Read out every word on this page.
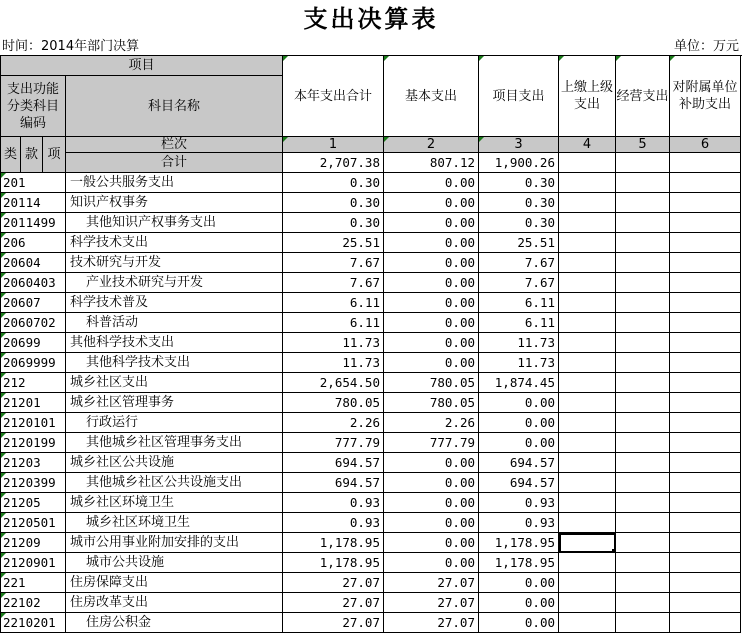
支出决算表
时间：2014年部门决算	单位：万元
项目				本年支出合计	基本支出	项目支出	上缴上级支出	经营支出	对附属单位补助支出
支出功能分类科目编码			科目名称						
类	款	项	栏次	1	2	3	4	5	6
			合计	2,707.38	807.12	1,900.26			
201			一般公共服务支出	0.30	0.00	0.30			
20114			知识产权事务	0.30	0.00	0.30			
2011499			其他知识产权事务支出	0.30	0.00	0.30			
206			科学技术支出	25.51	0.00	25.51			
20604			技术研究与开发	7.67	0.00	7.67			
2060403			产业技术研究与开发	7.67	0.00	7.67			
20607			科学技术普及	6.11	0.00	6.11			
2060702			科普活动	6.11	0.00	6.11			
20699			其他科学技术支出	11.73	0.00	11.73			
2069999			其他科学技术支出	11.73	0.00	11.73			
212			城乡社区支出	2,654.50	780.05	1,874.45			
21201			城乡社区管理事务	780.05	780.05	0.00			
2120101			行政运行	2.26	2.26	0.00			
2120199			其他城乡社区管理事务支出	777.79	777.79	0.00			
21203			城乡社区公共设施	694.57	0.00	694.57			
2120399			其他城乡社区公共设施支出	694.57	0.00	694.57			
21205			城乡社区环境卫生	0.93	0.00	0.93			
2120501			城乡社区环境卫生	0.93	0.00	0.93			
21209			城市公用事业附加安排的支出	1,178.95	0.00	1,178.95			
2120901			城市公共设施	1,178.95	0.00	1,178.95			
221			住房保障支出	27.07	27.07	0.00			
22102			住房改革支出	27.07	27.07	0.00			
2210201			住房公积金	27.07	27.07	0.00			
